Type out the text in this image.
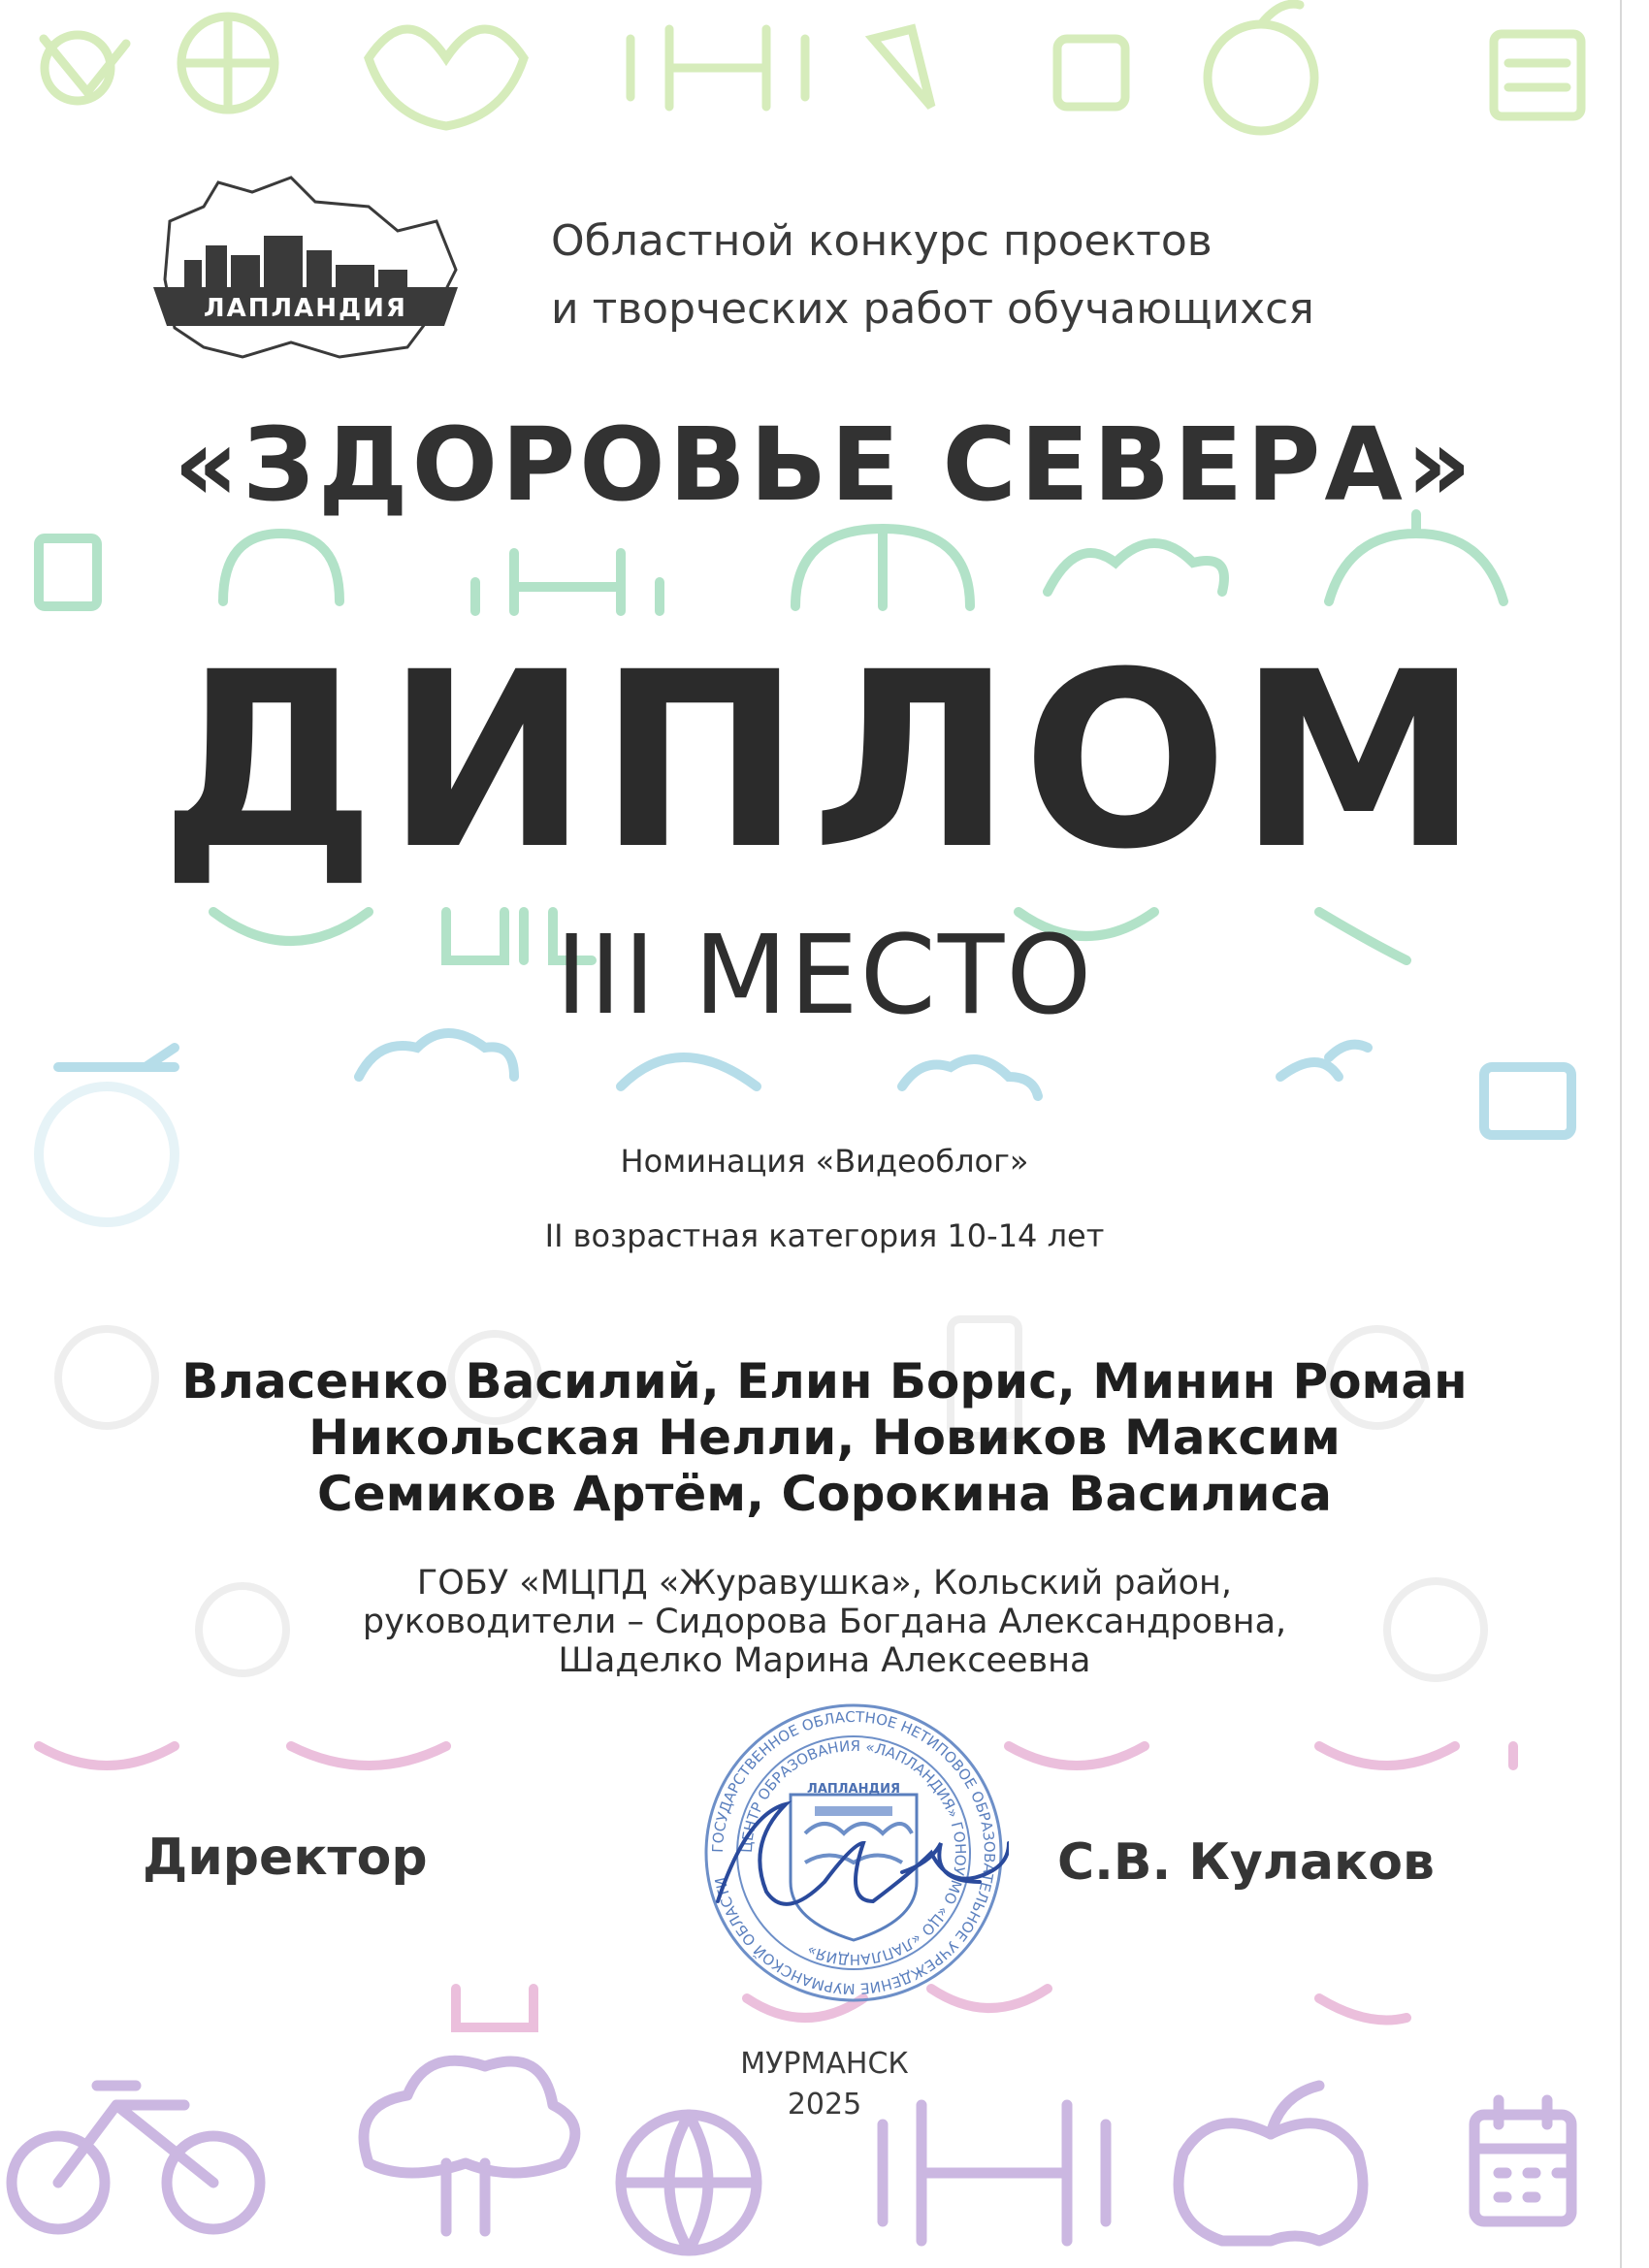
ЛАПЛАНДИЯ
Областной конкурс проектов
и творческих работ обучающихся
«ЗДОРОВЬЕ СЕВЕРА»
ДИПЛОМ
III МЕСТО
Номинация «Видеоблог»
II возрастная категория 10-14 лет
Власенко Василий, Елин Борис, Минин Роман
Никольская Нелли, Новиков Максим
Семиков Артём, Сорокина Василиса
ГОБУ «МЦПД «Журавушка», Кольский район,
руководители – Сидорова Богдана Александровна,
Шаделко Марина Алексеевна
ГОСУДАРСТВЕННОЕ ОБЛАСТНОЕ НЕТИПОВОЕ ОБРАЗОВАТЕЛЬНОЕ УЧРЕЖДЕНИЕ МУРМАНСКОЙ ОБЛАСТИ
ЦЕНТР ОБРАЗОВАНИЯ «ЛАПЛАНДИЯ» ГОНОУ МО «ЦО «ЛАПЛАНДИЯ»
ЛАПЛАНДИЯ
Директор	С.В. Кулаков
МУРМАНСК
2025
